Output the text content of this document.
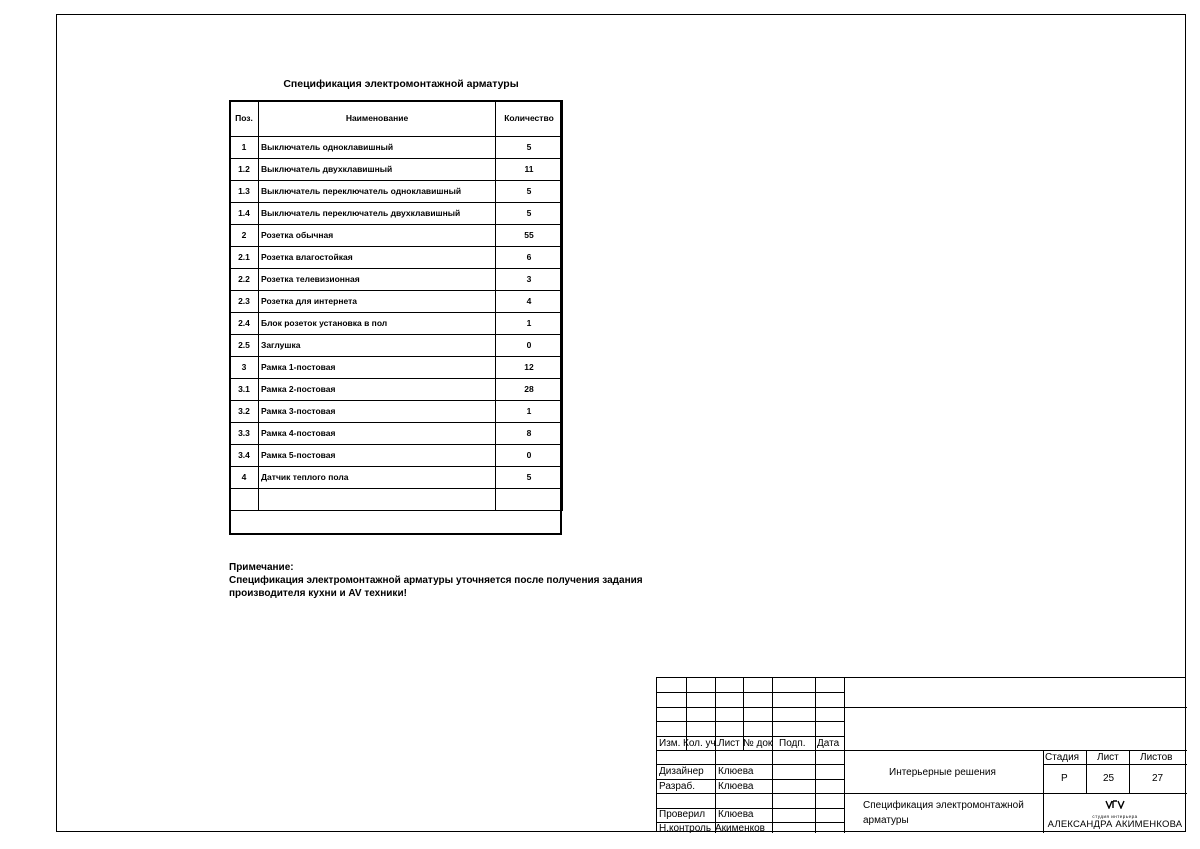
Спецификация электромонтажной арматуры
Поз.	Наименование	Количество
1	Выключатель одноклавишный	5
1.2	Выключатель двухклавишный	11
1.3	Выключатель переключатель одноклавишный	5
1.4	Выключатель переключатель двухклавишный	5
2	Розетка обычная	55
2.1	Розетка влагостойкая	6
2.2	Розетка телевизионная	3
2.3	Розетка для интернета	4
2.4	Блок розеток установка в пол	1
2.5	Заглушка	0
3	Рамка 1-постовая	12
3.1	Рамка 2-постовая	28
3.2	Рамка 3-постовая	1
3.3	Рамка 4-постовая	8
3.4	Рамка 5-постовая	0
4	Датчик теплого пола	5

Примечание:

Спецификация электромонтажной арматуры уточняется после получения задания

производителя кухни и AV техники!

Изм. Кол. уч. Лист № док Подп. Дата
Дизайнер Клюева
Разраб. Клюева
Проверил Клюева
Н.контроль Акименков
Интерьерные решения
Спецификация электромонтажной
арматуры
Стадия Лист Листов
Р	25	27
студия интерьера
АЛЕКСАНДРА АКИМЕНКОВА
